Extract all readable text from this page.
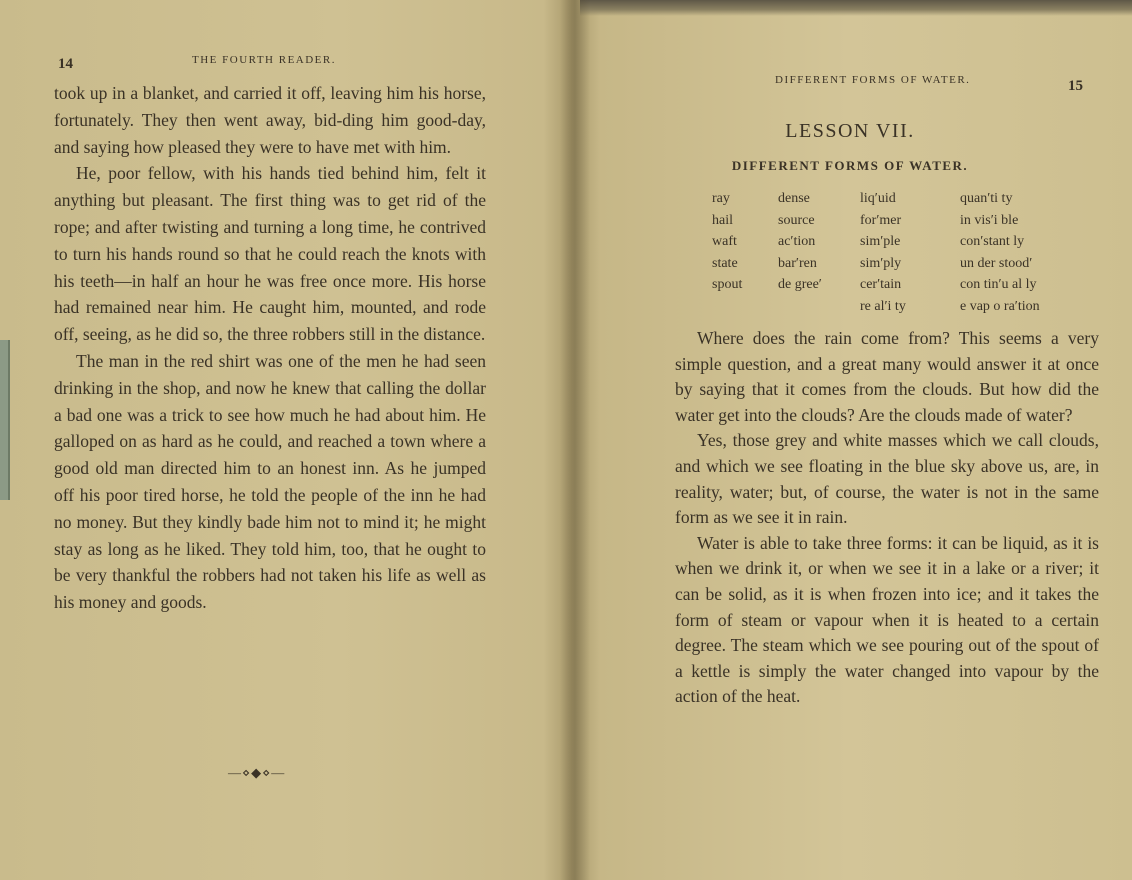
14	THE FOURTH READER.

took up in a blanket, and carried it off, leaving him his horse, fortunately. They then went away, bid-ding him good-day, and saying how pleased they were to have met with him.

He, poor fellow, with his hands tied behind him, felt it anything but pleasant. The first thing was to get rid of the rope; and after twisting and turning a long time, he contrived to turn his hands round so that he could reach the knots with his teeth—in half an hour he was free once more. His horse had remained near him. He caught him, mounted, and rode off, seeing, as he did so, the three robbers still in the distance.

The man in the red shirt was one of the men he had seen drinking in the shop, and now he knew that calling the dollar a bad one was a trick to see how much he had about him. He galloped on as hard as he could, and reached a town where a good old man directed him to an honest inn. As he jumped off his poor tired horse, he told the people of the inn he had no money. But they kindly bade him not to mind it; he might stay as long as he liked. They told him, too, that he ought to be very thankful the robbers had not taken his life as well as his money and goods.

—⋄◆⋄—
DIFFERENT FORMS OF WATER.	15
LESSON VII.
DIFFERENT FORMS OF WATER.
ray
hail
waft
state
spout
dense
source
ac′tion
bar′ren
de gree′
liq′uid
for′mer
sim′ple
sim′ply
cer′tain
re al′i ty
quan′ti ty
in vis′i ble
con′stant ly
un der stood′
con tin′u al ly
e vap o ra′tion

Where does the rain come from? This seems a very simple question, and a great many would answer it at once by saying that it comes from the clouds. But how did the water get into the clouds? Are the clouds made of water?

Yes, those grey and white masses which we call clouds, and which we see floating in the blue sky above us, are, in reality, water; but, of course, the water is not in the same form as we see it in rain.

Water is able to take three forms: it can be liquid, as it is when we drink it, or when we see it in a lake or a river; it can be solid, as it is when frozen into ice; and it takes the form of steam or vapour when it is heated to a certain degree. The steam which we see pouring out of the spout of a kettle is simply the water changed into vapour by the action of the heat.
